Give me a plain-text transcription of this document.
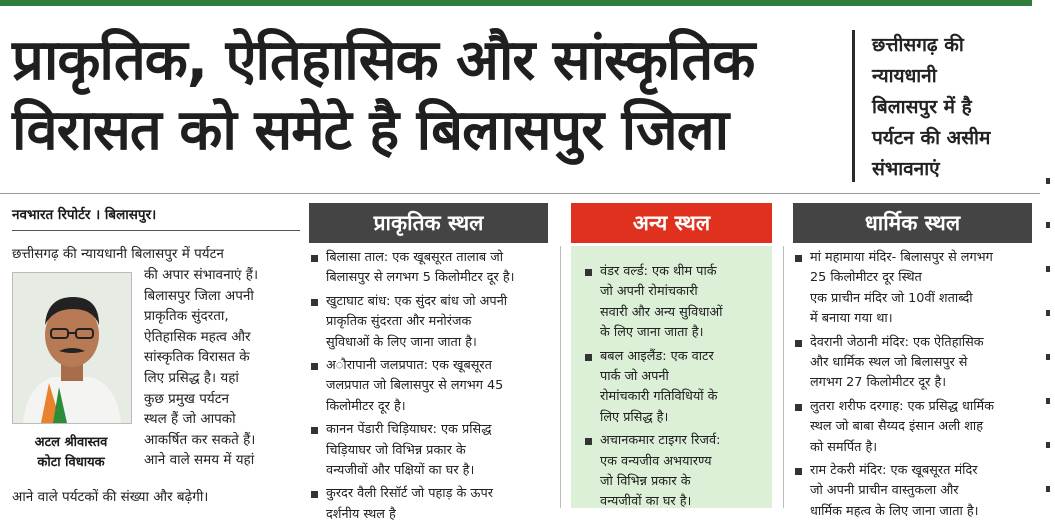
प्राकृतिक, ऐतिहासिक और सांस्कृतिक
विरासत को समेटे है बिलासपुर जिला
छत्तीसगढ़ की
न्यायधानी
बिलासपुर में है
पर्यटन की असीम
संभावनाएं
नवभारत रिपोर्टर । बिलासपुर।
छत्तीसगढ़ की न्यायधानी बिलासपुर में पर्यटन
की अपार संभावनाएं हैं।
बिलासपुर जिला अपनी
प्राकृतिक सुंदरता,
ऐतिहासिक महत्व और
सांस्कृतिक विरासत के
लिए प्रसिद्ध है। यहां
कुछ प्रमुख पर्यटन
स्थल हैं जो आपको
आकर्षित कर सकते हैं।
आने वाले समय में यहां
आने वाले पर्यटकों की संख्या और बढ़ेगी।
अटल श्रीवास्तव
कोटा विधायक
प्राकृतिक स्थल	अन्य स्थल	धार्मिक स्थल
बिलासा ताल: एक खूबसूरत तालाब जो
बिलासपुर से लगभग 5 किलोमीटर दूर है।
खुटाघाट बांध: एक सुंदर बांध जो अपनी
प्राकृतिक सुंदरता और मनोरंजक
सुविधाओं के लिए जाना जाता है।
अौरापानी जलप्रपात: एक खूबसूरत
जलप्रपात जो बिलासपुर से लगभग 45
किलोमीटर दूर है।
कानन पेंडारी चिड़ियाघर: एक प्रसिद्ध
चिड़ियाघर जो विभिन्न प्रकार के
वन्यजीवों और पक्षियों का घर है।
कुरदर वैली रिसॉर्ट जो पहाड़ के ऊपर
दर्शनीय स्थल है
वंडर वर्ल्ड: एक थीम पार्क
जो अपनी रोमांचकारी
सवारी और अन्य सुविधाओं
के लिए जाना जाता है।
बबल आइलैंड: एक वाटर
पार्क जो अपनी
रोमांचकारी गतिविधियों के
लिए प्रसिद्ध है।
अचानकमार टाइगर रिजर्व:
एक वन्यजीव अभयारण्य
जो विभिन्न प्रकार के
वन्यजीवों का घर है।
मां महामाया मंदिर- बिलासपुर से लगभग
25 किलोमीटर दूर स्थित
एक प्राचीन मंदिर जो 10वीं शताब्दी
में बनाया गया था।
देवरानी जेठानी मंदिर: एक ऐतिहासिक
और धार्मिक स्थल जो बिलासपुर से
लगभग 27 किलोमीटर दूर है।
लुतरा शरीफ दरगाह: एक प्रसिद्ध धार्मिक
स्थल जो बाबा सैय्यद इंसान अली शाह
को समर्पित है।
राम टेकरी मंदिर: एक खूबसूरत मंदिर
जो अपनी प्राचीन वास्तुकला और
धार्मिक महत्व के लिए जाना जाता है।
